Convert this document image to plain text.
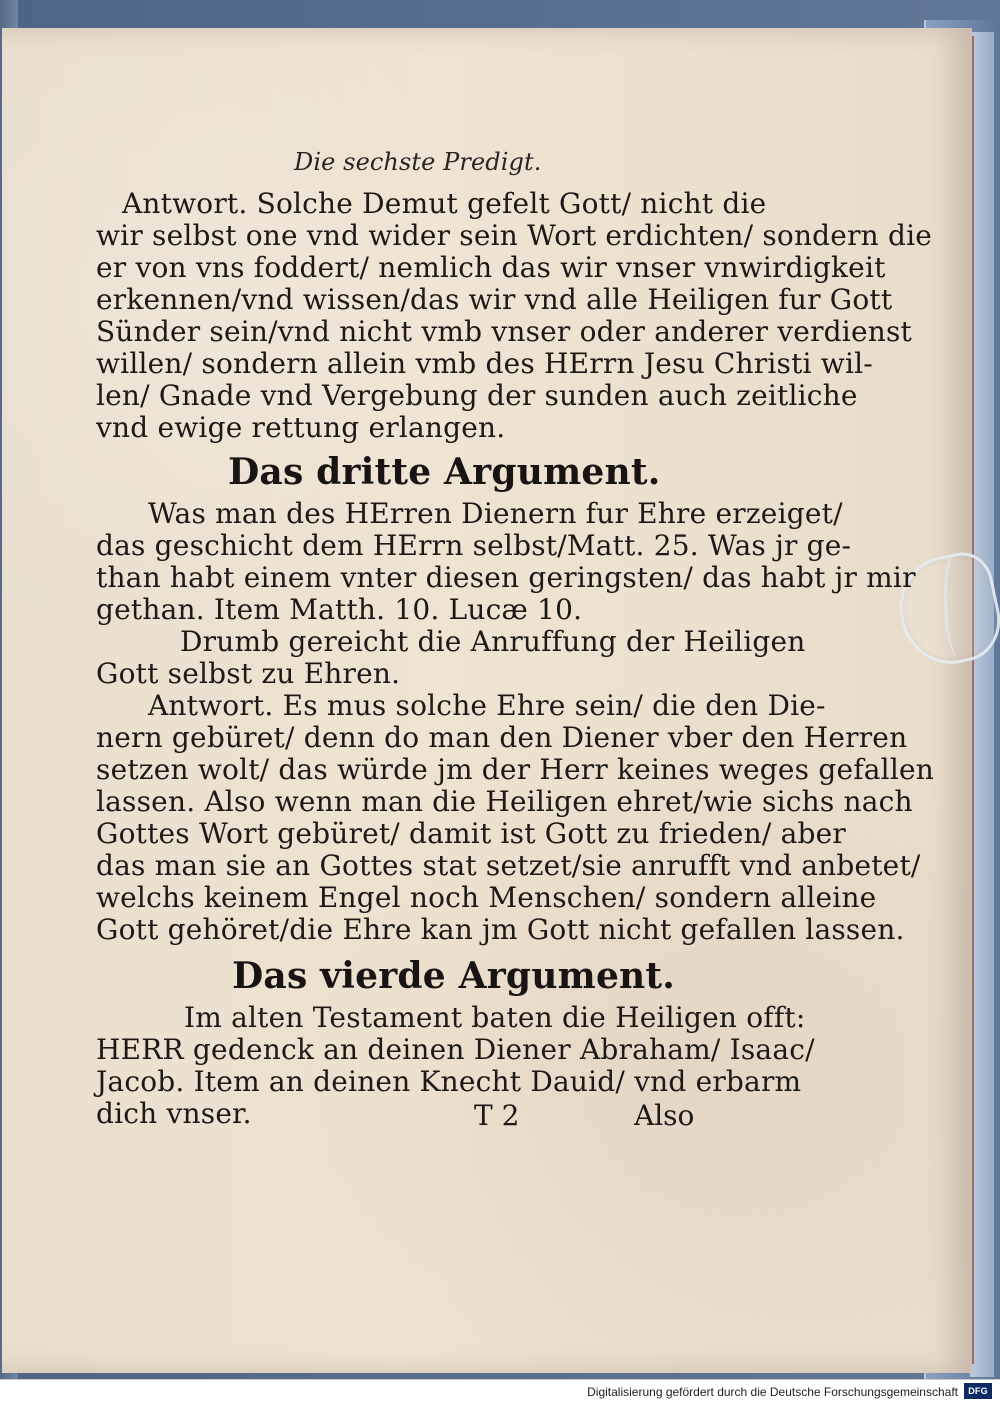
Die sechste Predigt.
Antwort. Solche Demut gefelt Gott/ nicht die
wir selbst one vnd wider sein Wort erdichten/ sondern die
er von vns foddert/ nemlich das wir vnser vnwirdigkeit
erkennen/vnd wissen/das wir vnd alle Heiligen fur Gott
Sünder sein/vnd nicht vmb vnser oder anderer verdienst
willen/ sondern allein vmb des HErrn Jesu Christi wil-
len/ Gnade vnd Vergebung der sunden auch zeitliche
vnd ewige rettung erlangen.
Das dritte Argument.
Was man des HErren Dienern fur Ehre erzeiget/
das geschicht dem HErrn selbst/Matt. 25. Was jr ge-
than habt einem vnter diesen geringsten/ das habt jr mir
gethan. Item Matth. 10. Lucæ 10.
Drumb gereicht die Anruffung der Heiligen
Gott selbst zu Ehren.
Antwort. Es mus solche Ehre sein/ die den Die-
nern gebüret/ denn do man den Diener vber den Herren
setzen wolt/ das würde jm der Herr keines weges gefallen
lassen. Also wenn man die Heiligen ehret/wie sichs nach
Gottes Wort gebüret/ damit ist Gott zu frieden/ aber
das man sie an Gottes stat setzet/sie anrufft vnd anbetet/
welchs keinem Engel noch Menschen/ sondern alleine
Gott gehöret/die Ehre kan jm Gott nicht gefallen lassen.
Das vierde Argument.
Im alten Testament baten die Heiligen offt:
HERR gedenck an deinen Diener Abraham/ Isaac/
Jacob. Item an deinen Knecht Dauid/ vnd erbarm
dich vnser.	T 2	Also
Digitalisierung gefördert durch die Deutsche Forschungsgemeinschaft	DFG
